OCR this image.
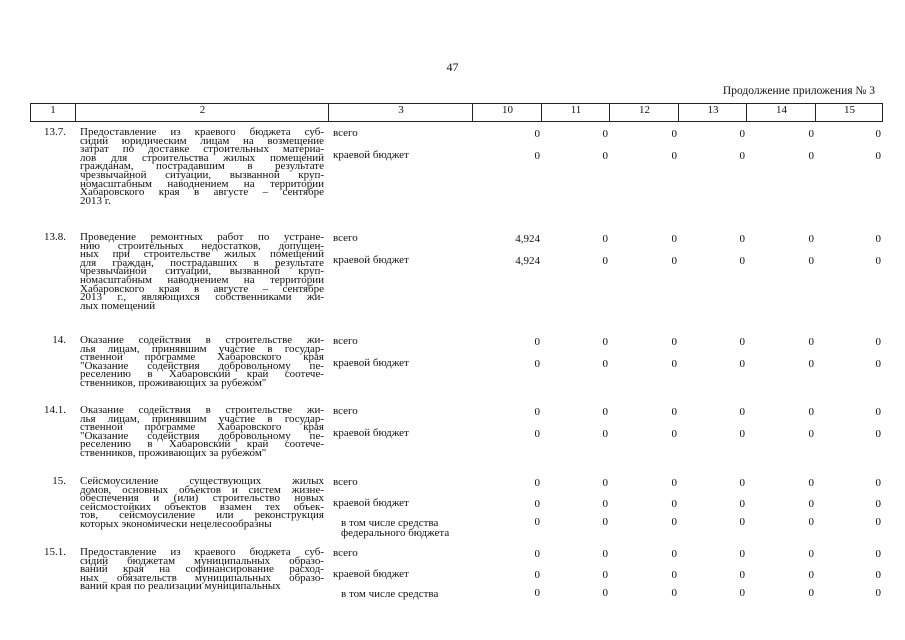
47
Продолжение приложения № 3
1	2	3	10	11	12	13	14	15
13.7. Предоставление из краевого бюджета суб-
сидий юридическим лицам на возмещение
затрат по доставке строительных материа-
лов для строительства жилых помещений
гражданам, пострадавшим в результате
чрезвычайной ситуации, вызванной круп-
номасштабным наводнением на территории
Хабаровского края в августе – сентябре
2013 г.
всего	0	0	0	0	0	0
краевой бюджет	0	0	0	0	0	0
13.8. Проведение ремонтных работ по устране-
нию строительных недостатков, допущен-
ных при строительстве жилых помещений
для граждан, пострадавших в результате
чрезвычайной ситуации, вызванной круп-
номасштабным наводнением на территории
Хабаровского края в августе – сентябре
2013 г., являющихся собственниками жи-
лых помещений
всего	4,924	0	0	0	0	0
краевой бюджет	4,924	0	0	0	0	0
14. Оказание содействия в строительстве жи-
лья лицам, принявшим участие в государ-
ственной программе Хабаровского края
"Оказание содействия добровольному пе-
реселению в Хабаровский край соотече-
ственников, проживающих за рубежом"
всего	0	0	0	0	0	0
краевой бюджет	0	0	0	0	0	0
14.1. Оказание содействия в строительстве жи-
лья лицам, принявшим участие в государ-
ственной программе Хабаровского края
"Оказание содействия добровольному пе-
реселению в Хабаровский край соотече-
ственников, проживающих за рубежом"
всего	0	0	0	0	0	0
краевой бюджет	0	0	0	0	0	0
15. Сейсмоусиление существующих жилых
домов, основных объектов и систем жизне-
обеспечения и (или) строительство новых
сейсмостойких объектов взамен тех объек-
тов, сейсмоусиление или реконструкция
которых экономически нецелесообразны
всего	0	0	0	0	0	0
краевой бюджет	0	0	0	0	0	0
в том числе средства федерального бюджета
0	0	0	0	0	0
15.1. Предоставление из краевого бюджета суб-
сидий бюджетам муниципальных образо-
ваний края на софинансирование расход-
ных обязательств муниципальных образо-
ваний края по реализации муниципальных
всего	0	0	0	0	0	0
краевой бюджет	0	0	0	0	0	0
в том числе средства	0	0	0	0	0	0
